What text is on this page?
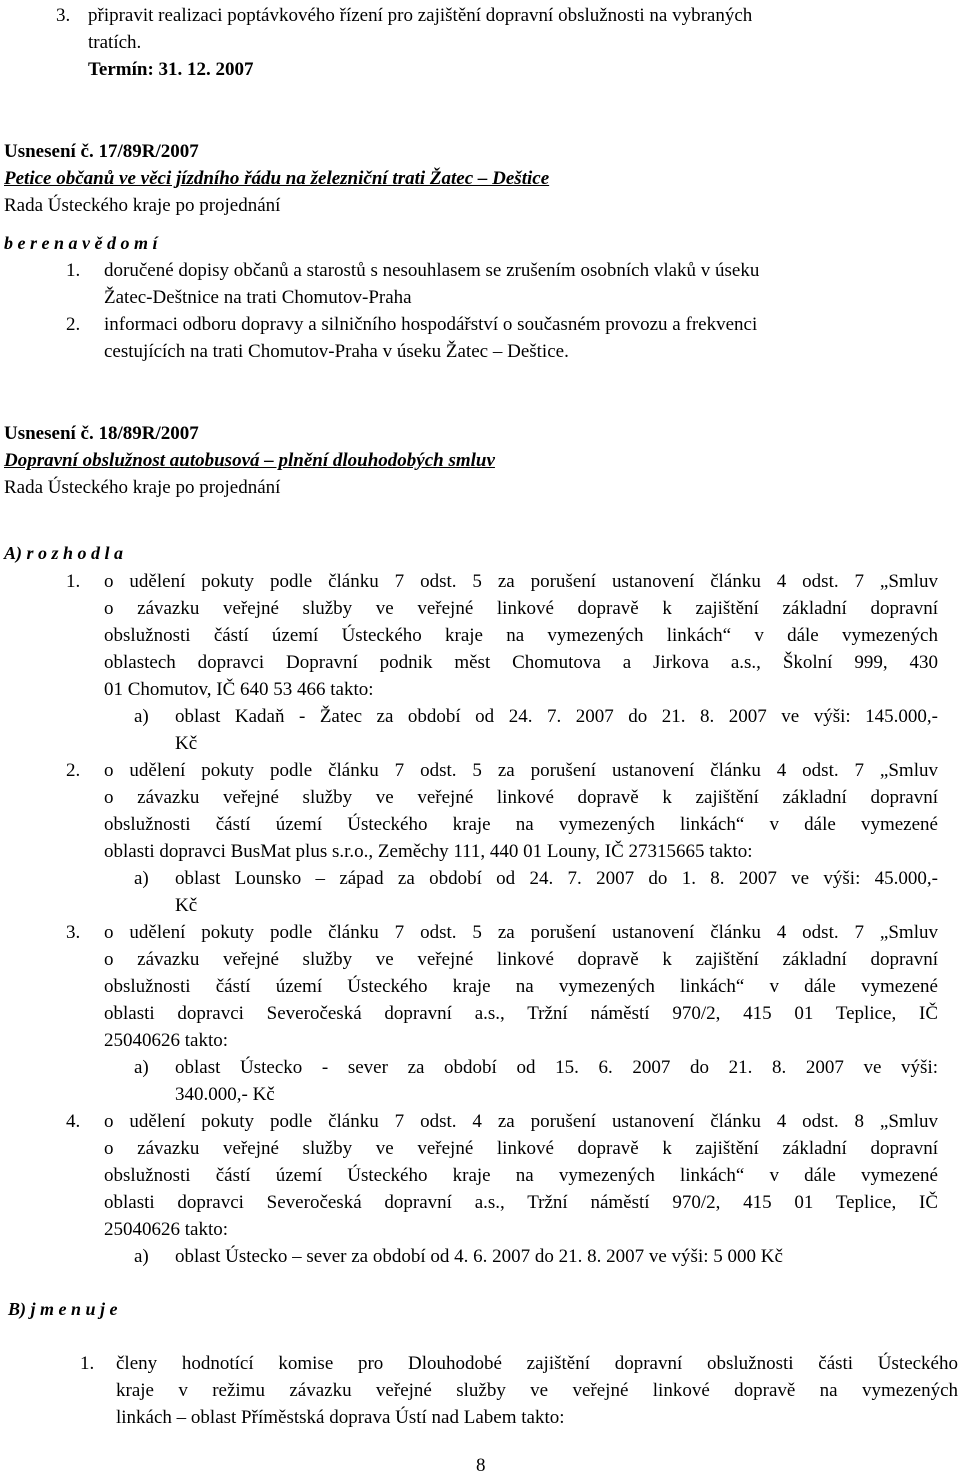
3. připravit realizaci poptávkového řízení pro zajištění dopravní obslužnosti na vybraných
tratích.
Termín: 31. 12. 2007
Usnesení č. 17/89R/2007
Petice občanů ve věci jízdního řádu na železniční trati Žatec – Deštice
Rada Ústeckého kraje po projednání
b e r e n a v ě d o m í
1. doručené dopisy občanů a starostů s nesouhlasem se zrušením osobních vlaků v úseku
Žatec-Deštnice na trati Chomutov-Praha
2. informaci odboru dopravy a silničního hospodářství o současném provozu a frekvenci
cestujících na trati Chomutov-Praha v úseku Žatec – Deštice.
Usnesení č. 18/89R/2007
Dopravní obslužnost autobusová – plnění dlouhodobých smluv
Rada Ústeckého kraje po projednání
A) r o z h o d l a
1. o udělení pokuty podle článku 7 odst. 5 za porušení ustanovení článku 4 odst. 7 „Smluv
o závazku veřejné služby ve veřejné linkové dopravě k zajištění základní dopravní
obslužnosti částí území Ústeckého kraje na vymezených linkách“ v dále vymezených
oblastech dopravci Dopravní podnik měst Chomutova a Jirkova a.s., Školní 999, 430
01 Chomutov, IČ 640 53 466 takto:
a) oblast Kadaň - Žatec za období od 24. 7. 2007 do 21. 8. 2007 ve výši: 145.000,-
Kč
2. o udělení pokuty podle článku 7 odst. 5 za porušení ustanovení článku 4 odst. 7 „Smluv
o závazku veřejné služby ve veřejné linkové dopravě k zajištění základní dopravní
obslužnosti částí území Ústeckého kraje na vymezených linkách“ v dále vymezené
oblasti dopravci BusMat plus s.r.o., Zeměchy 111, 440 01 Louny, IČ 27315665 takto:
a) oblast Lounsko – západ za období od 24. 7. 2007 do 1. 8. 2007 ve výši: 45.000,-
Kč
3. o udělení pokuty podle článku 7 odst. 5 za porušení ustanovení článku 4 odst. 7 „Smluv
o závazku veřejné služby ve veřejné linkové dopravě k zajištění základní dopravní
obslužnosti částí území Ústeckého kraje na vymezených linkách“ v dále vymezené
oblasti dopravci Severočeská dopravní a.s., Tržní náměstí 970/2, 415 01 Teplice, IČ
25040626 takto:
a) oblast Ústecko - sever za období od 15. 6. 2007 do 21. 8. 2007 ve výši:
340.000,- Kč
4. o udělení pokuty podle článku 7 odst. 4 za porušení ustanovení článku 4 odst. 8 „Smluv
o závazku veřejné služby ve veřejné linkové dopravě k zajištění základní dopravní
obslužnosti částí území Ústeckého kraje na vymezených linkách“ v dále vymezené
oblasti dopravci Severočeská dopravní a.s., Tržní náměstí 970/2, 415 01 Teplice, IČ
25040626 takto:
a) oblast Ústecko – sever za období od 4. 6. 2007 do 21. 8. 2007 ve výši: 5 000 Kč
B) j m e n u j e
1. členy hodnotící komise pro Dlouhodobé zajištění dopravní obslužnosti části Ústeckého
kraje v režimu závazku veřejné služby ve veřejné linkové dopravě na vymezených
linkách – oblast Příměstská doprava Ústí nad Labem takto:
8
